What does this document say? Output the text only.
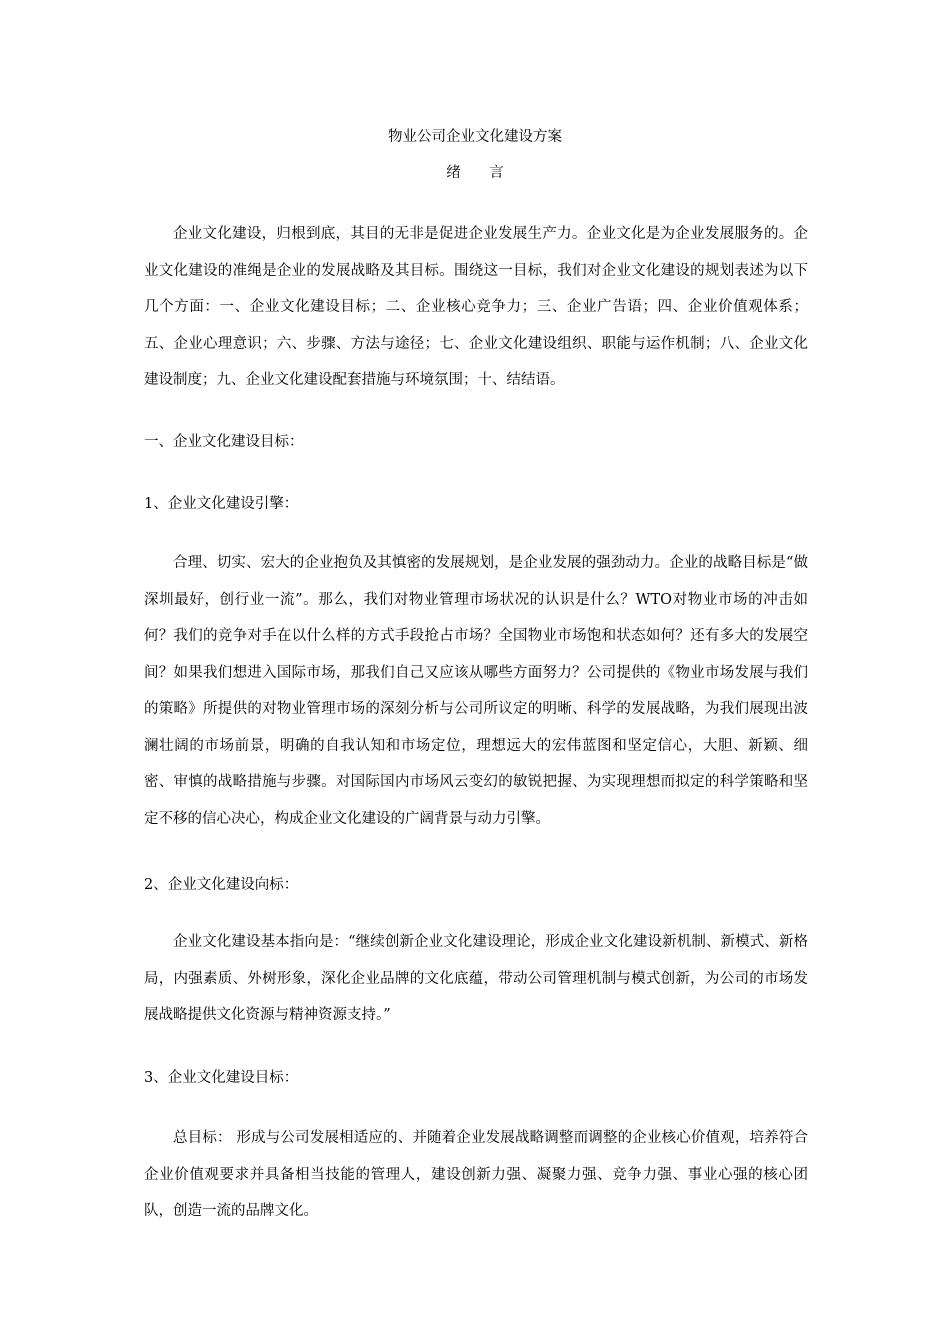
物业公司企业文化建设方案
绪 言
企业文化建设，归根到底，其目的无非是促进企业发展生产力。企业文化是为企业发展服务的。企业文化建设的准绳是企业的发展战略及其目标。围绕这一目标，我们对企业文化建设的规划表述为以下几个方面：一、企业文化建设目标；二、企业核心竞争力；三、企业广告语；四、企业价值观体系；五、企业心理意识；六、步骤、方法与途径；七、企业文化建设组织、职能与运作机制；八、企业文化建设制度；九、企业文化建设配套措施与环境氛围；十、结结语。
一、企业文化建设目标：
1、企业文化建设引擎：
合理、切实、宏大的企业抱负及其慎密的发展规划，是企业发展的强劲动力。企业的战略目标是“做深圳最好，创行业一流”。那么，我们对物业管理市场状况的认识是什么？WTO对物业市场的冲击如何？我们的竞争对手在以什么样的方式手段抢占市场？全国物业市场饱和状态如何？还有多大的发展空间？如果我们想进入国际市场，那我们自己又应该从哪些方面努力？公司提供的《物业市场发展与我们的策略》所提供的对物业管理市场的深刻分析与公司所议定的明晰、科学的发展战略，为我们展现出波澜壮阔的市场前景，明确的自我认知和市场定位，理想远大的宏伟蓝图和坚定信心，大胆、新颖、细密、审慎的战略措施与步骤。对国际国内市场风云变幻的敏锐把握、为实现理想而拟定的科学策略和坚定不移的信心决心，构成企业文化建设的广阔背景与动力引擎。
2、企业文化建设向标：
企业文化建设基本指向是：“继续创新企业文化建设理论，形成企业文化建设新机制、新模式、新格局，内强素质、外树形象，深化企业品牌的文化底蕴，带动公司管理机制与模式创新，为公司的市场发展战略提供文化资源与精神资源支持。”
3、企业文化建设目标：
总目标： 形成与公司发展相适应的、并随着企业发展战略调整而调整的企业核心价值观，培养符合企业价值观要求并具备相当技能的管理人，建设创新力强、凝聚力强、竞争力强、事业心强的核心团队，创造一流的品牌文化。
